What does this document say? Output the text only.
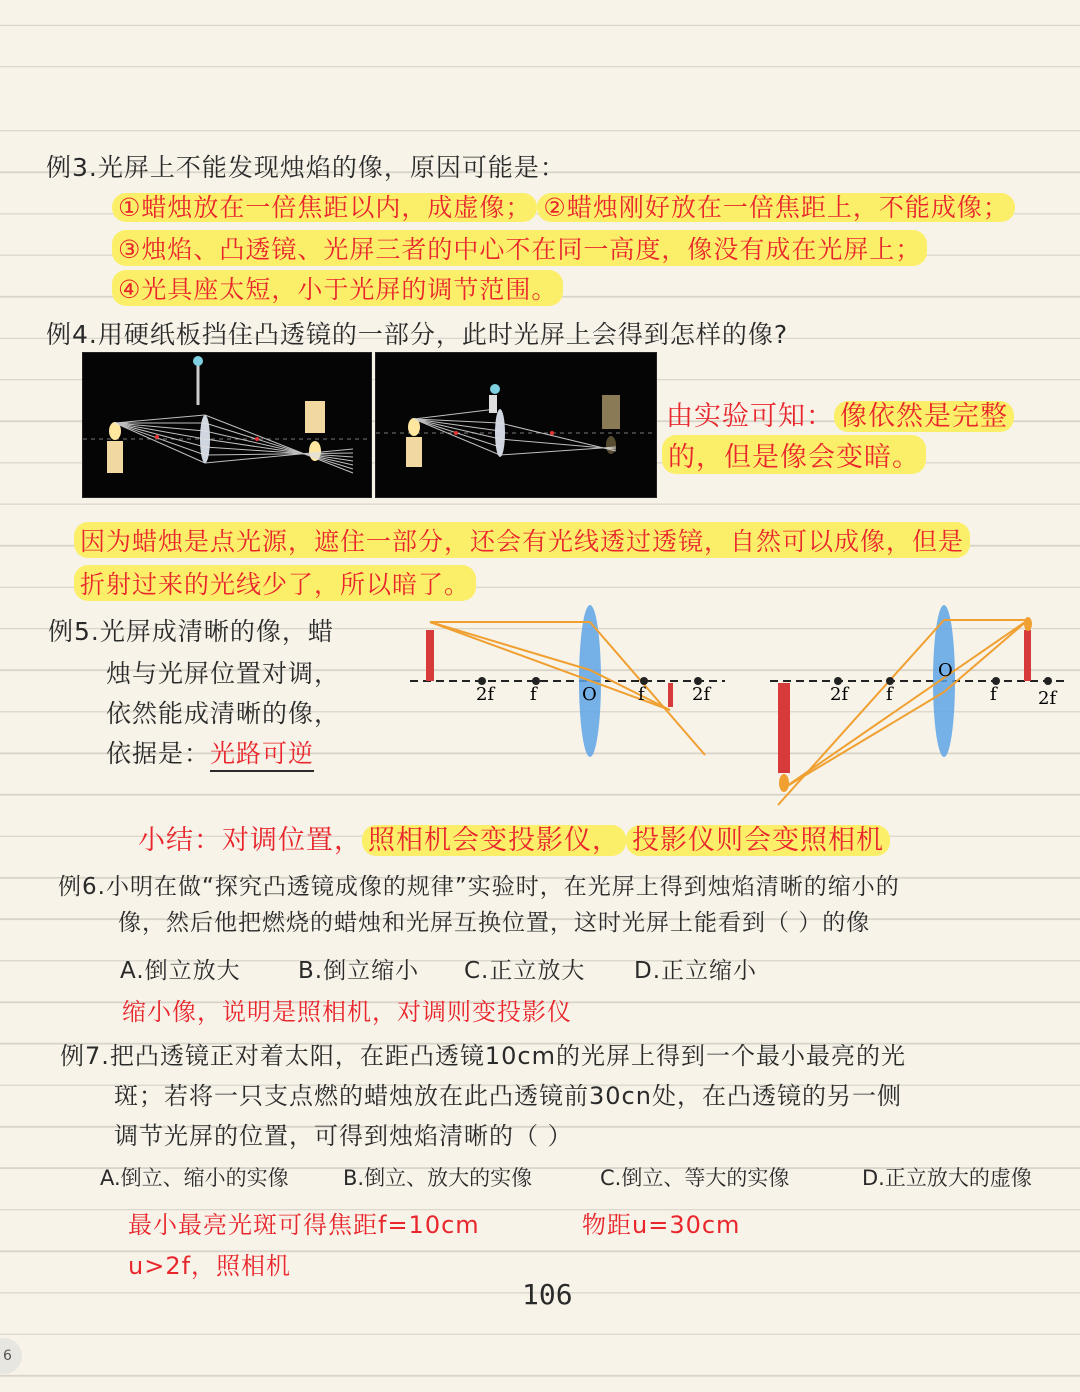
例3.光屏上不能发现烛焰的像，原因可能是：
①蜡烛放在一倍焦距以内，成虚像； ②蜡烛刚好放在一倍焦距上，不能成像；
③烛焰、凸透镜、光屏三者的中心不在同一高度，像没有成在光屏上；
④光具座太短，小于光屏的调节范围。
例4.用硬纸板挡住凸透镜的一部分，此时光屏上会得到怎样的像?
由实验可知： 像依然是完整
的，但是像会变暗。
因为蜡烛是点光源，遮住一部分，还会有光线透过透镜，自然可以成像，但是
折射过来的光线少了，所以暗了。
例5.光屏成清晰的像，蜡
烛与光屏位置对调，
依然能成清晰的像，
依据是：光路可逆
2f f	O f	2f	2f f
O
f 2f
小结：对调位置， 照相机会变投影仪， 投影仪则会变照相机
例6.小明在做“探究凸透镜成像的规律”实验时，在光屏上得到烛焰清晰的缩小的
像，然后他把燃烧的蜡烛和光屏互换位置，这时光屏上能看到（ ）的像
A.倒立放大 B.倒立缩小 C.正立放大 D.正立缩小
缩小像，说明是照相机，对调则变投影仪
例7.把凸透镜正对着太阳，在距凸透镜10cm的光屏上得到一个最小最亮的光
斑；若将一只支点燃的蜡烛放在此凸透镜前30cn处，在凸透镜的另一侧
调节光屏的位置，可得到烛焰清晰的（ ）
A.倒立、缩小的实像	B.倒立、放大的实像	C.倒立、等大的实像	D.正立放大的虚像
最小最亮光斑可得焦距f=10cm	物距u=30cm
u>2f，照相机
106
6
